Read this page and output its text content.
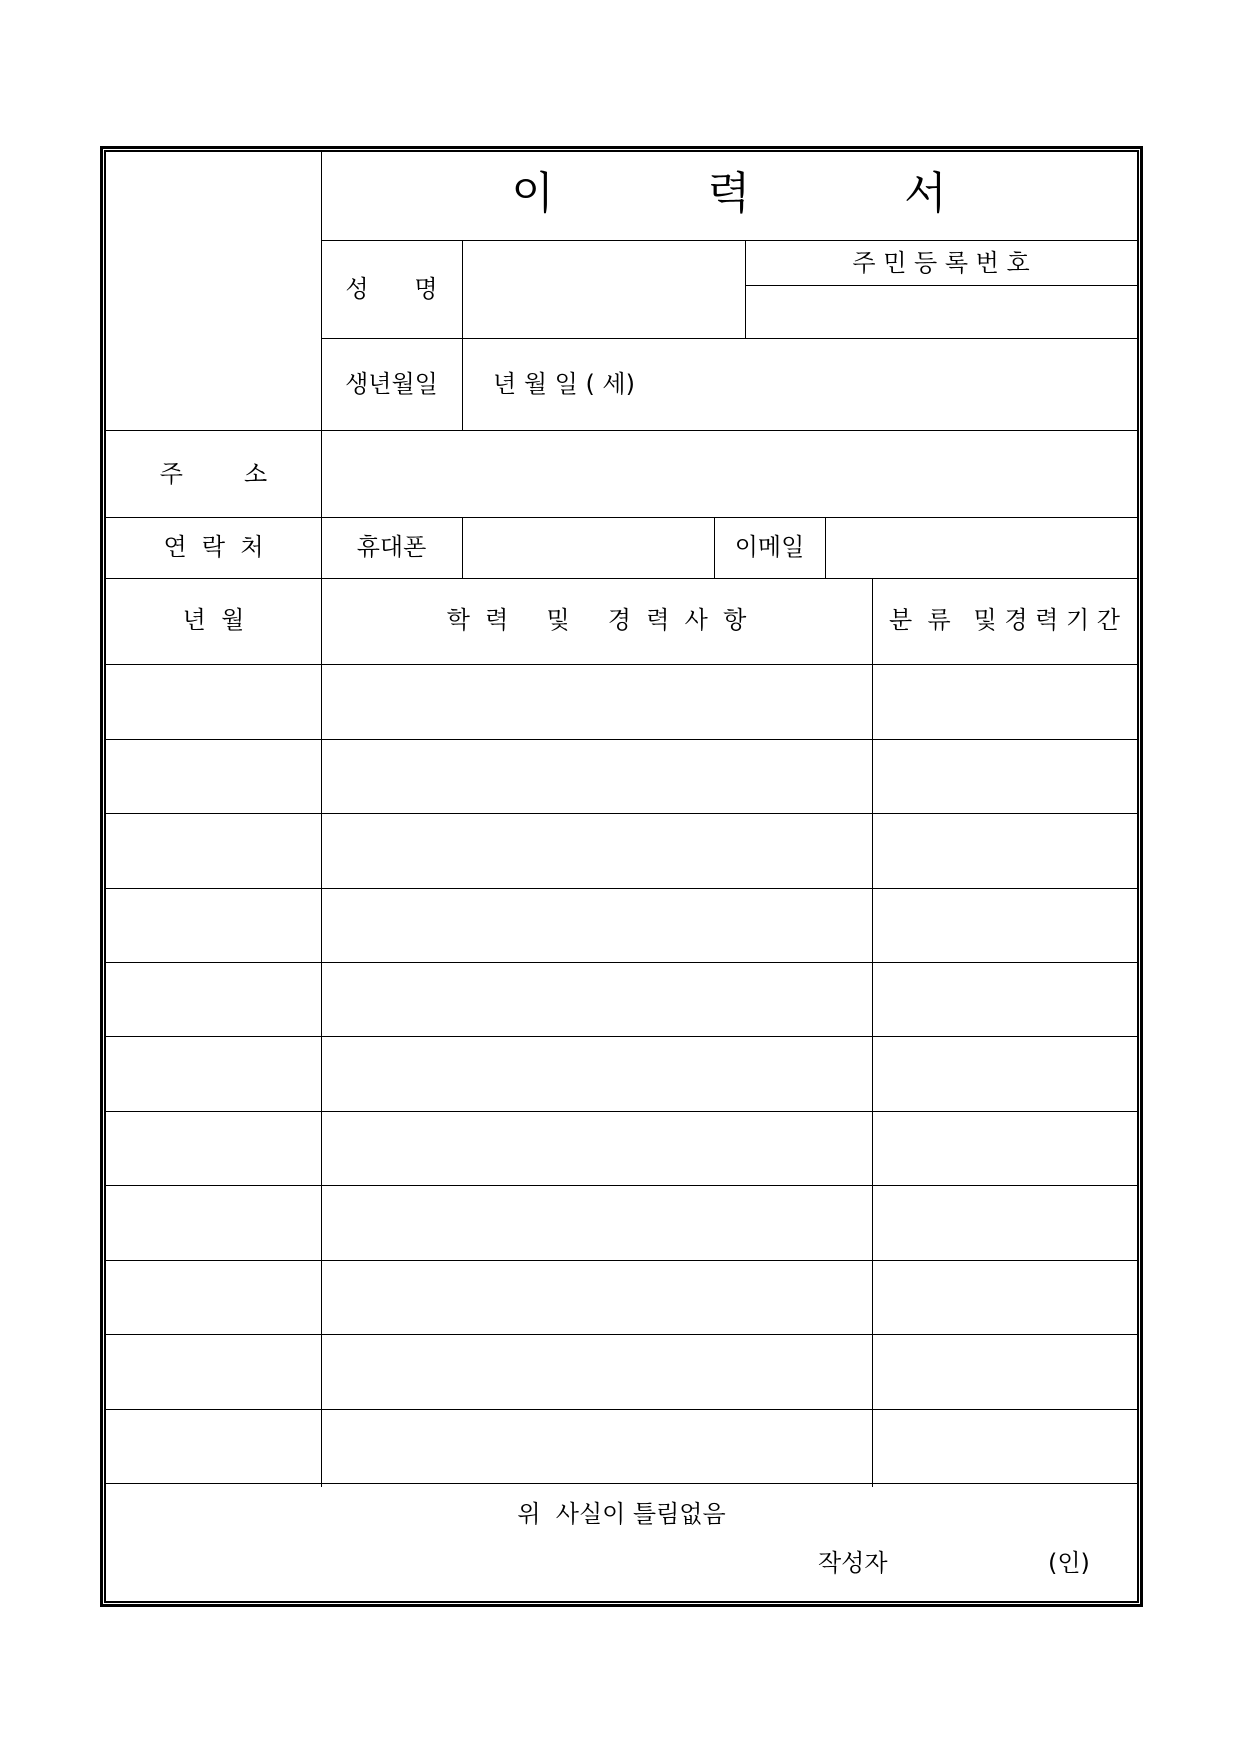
이           력           서
성      명
주 민 등 록 번 호
생년월일	년 월 일 ( 세)
주        소
연  락  처	휴대폰	이메일
년  월	학  력     및     경  력  사  항	분  류   및 경 력 기 간
위  사실이 틀림없음
작성자	(인)
